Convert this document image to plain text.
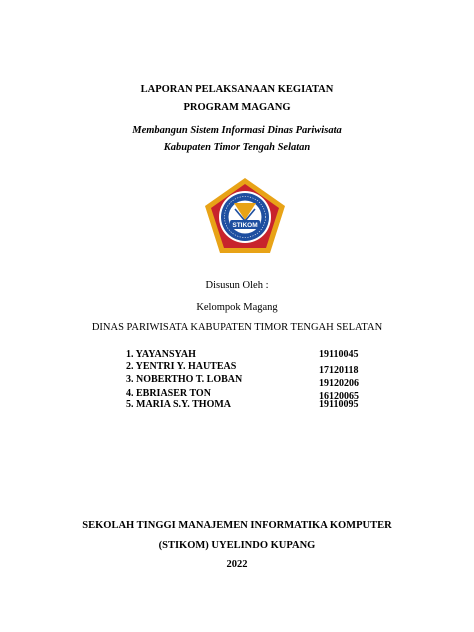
LAPORAN PELAKSANAAN KEGIATAN
PROGRAM MAGANG
Membangun Sistem Informasi Dinas Pariwisata
Kabupaten Timor Tengah Selatan
STIKOM
Disusun Oleh :
Kelompok Magang
DINAS PARIWISATA KABUPATEN TIMOR TENGAH SELATAN
1. YAYANSYAH	19110045
2. YENTRI Y. HAUTEAS	17120118
3. NOBERTHO T. LOBAN	19120206
4. EBRIASER TON	16120065
5. MARIA S.Y. THOMA	19110095
SEKOLAH TINGGI MANAJEMEN INFORMATIKA KOMPUTER
(STIKOM) UYELINDO KUPANG
2022
